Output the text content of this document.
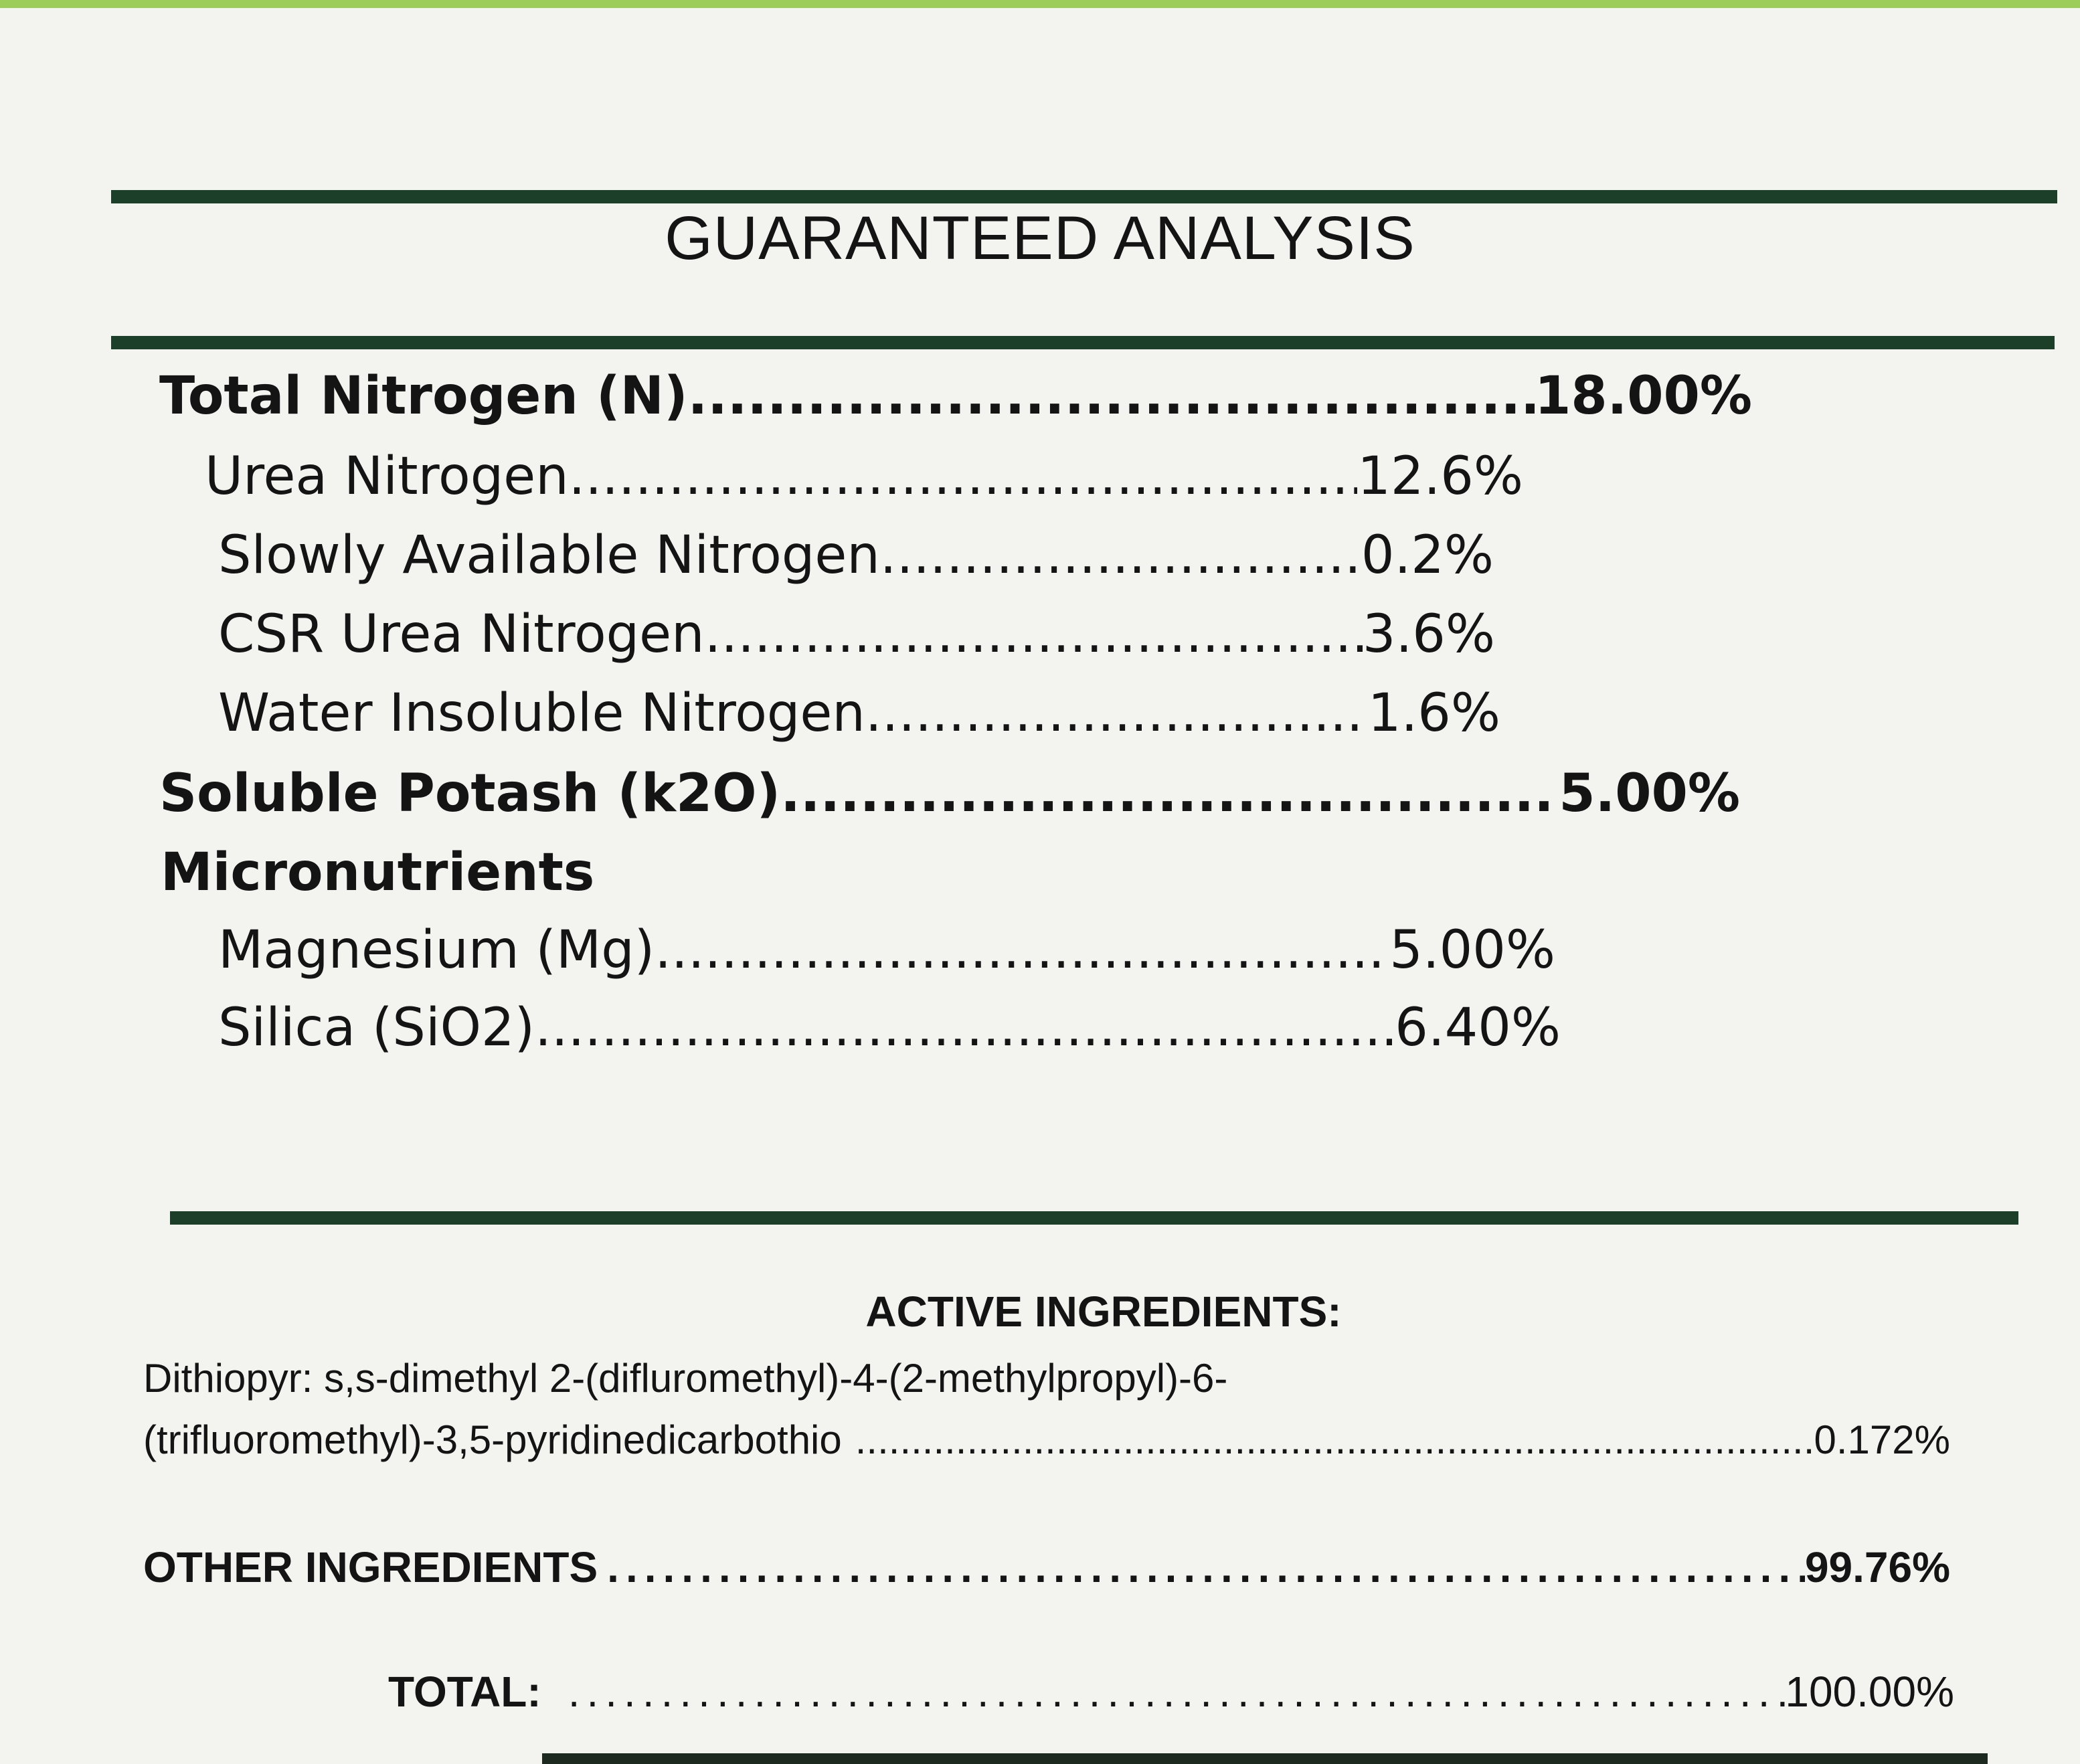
GUARANTEED ANALYSIS
Total Nitrogen (N) .....	18.00%
Urea Nitrogen .....	12.6%
Slowly Available Nitrogen .....	0.2%
CSR Urea Nitrogen .....	3.6%
Water Insoluble Nitrogen .....	1.6%
Soluble Potash (k2O) .....	5.00%
Micronutrients
Magnesium (Mg) .....	5.00%
Silica (SiO2) .....	6.40%
ACTIVE INGREDIENTS:
Dithiopyr: s,s-dimethyl 2-(difluromethyl)-4-(2-methylpropyl)-6-
(trifluoromethyl)-3,5-pyridinedicarbothio .....	0.172%
OTHER INGREDIENTS .....	99.76%
TOTAL: .....	100.00%
